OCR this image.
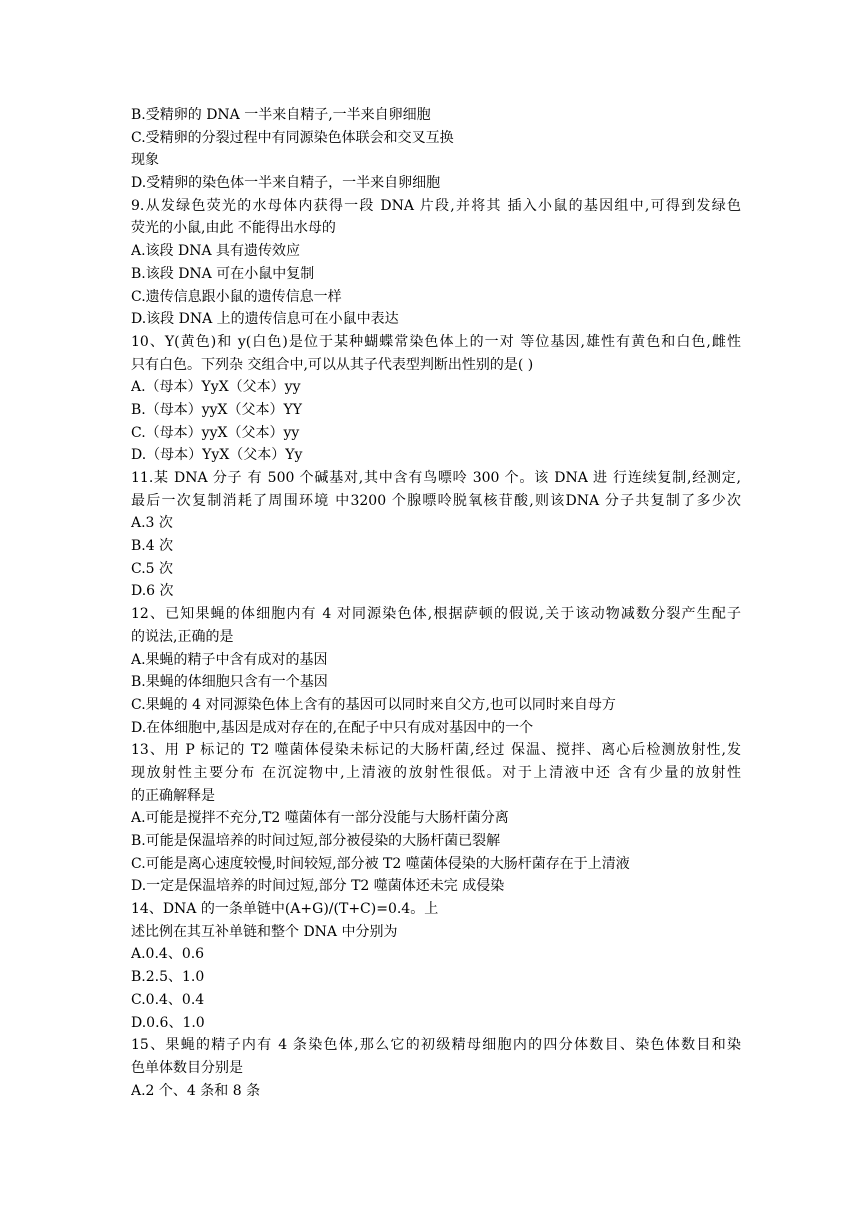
B.受精卵的 DNA 一半来自精子,一半来自卵细胞
C.受精卵的分裂过程中有同源染色体联会和交叉互换
现象
D.受精卵的染色体一半来自精子，一半来自卵细胞
9.从发绿色荧光的水母体内获得一段 DNA 片段,并将其 插入小鼠的基因组中,可得到发绿色
荧光的小鼠,由此 不能得出水母的
A.该段 DNA 具有遗传效应
B.该段 DNA 可在小鼠中复制
C.遗传信息跟小鼠的遗传信息一样
D.该段 DNA 上的遗传信息可在小鼠中表达
10、Y(黄色)和 y(白色)是位于某种蝴蝶常染色体上的一对 等位基因,雄性有黄色和白色,雌性
只有白色。下列杂 交组合中,可以从其子代表型判断出性别的是( )
A.（母本）YyX（父本）yy
B.（母本）yyX（父本）YY
C.（母本）yyX（父本）yy
D.（母本）YyX（父本）Yy
11.某 DNA 分子 有 500 个碱基对,其中含有鸟嘌呤 300 个。该 DNA 进 行连续复制,经测定,
最后一次复制消耗了周围环境 中3200 个腺嘌呤脱氧核苷酸,则该DNA 分子共复制了多少次
A.3 次
B.4 次
C.5 次
D.6 次
12、已知果蝇的体细胞内有 4 对同源染色体,根据萨顿的假说,关于该动物减数分裂产生配子
的说法,正确的是
A.果蝇的精子中含有成对的基因
B.果蝇的体细胞只含有一个基因
C.果蝇的 4 对同源染色体上含有的基因可以同时来自父方,也可以同时来自母方
D.在体细胞中,基因是成对存在的,在配子中只有成对基因中的一个
13、用 P 标记的 T2 噬菌体侵染未标记的大肠杆菌,经过 保温、搅拌、离心后检测放射性,发
现放射性主要分布 在沉淀物中,上清液的放射性很低。对于上清液中还 含有少量的放射性
的正确解释是
A.可能是搅拌不充分,T2 噬菌体有一部分没能与大肠杆菌分离
B.可能是保温培养的时间过短,部分被侵染的大肠杆菌已裂解
C.可能是离心速度较慢,时间较短,部分被 T2 噬菌体侵染的大肠杆菌存在于上清液
D.一定是保温培养的时间过短,部分 T2 噬菌体还未完 成侵染
14、DNA 的一条单链中(A+G)/(T+C)=0.4。上
述比例在其互补单链和整个 DNA 中分别为
A.0.4、0.6
B.2.5、1.0
C.0.4、0.4
D.0.6、1.0
15、果蝇的精子内有 4 条染色体,那么它的初级精母细胞内的四分体数目、染色体数目和染
色单体数目分别是
A.2 个、4 条和 8 条
